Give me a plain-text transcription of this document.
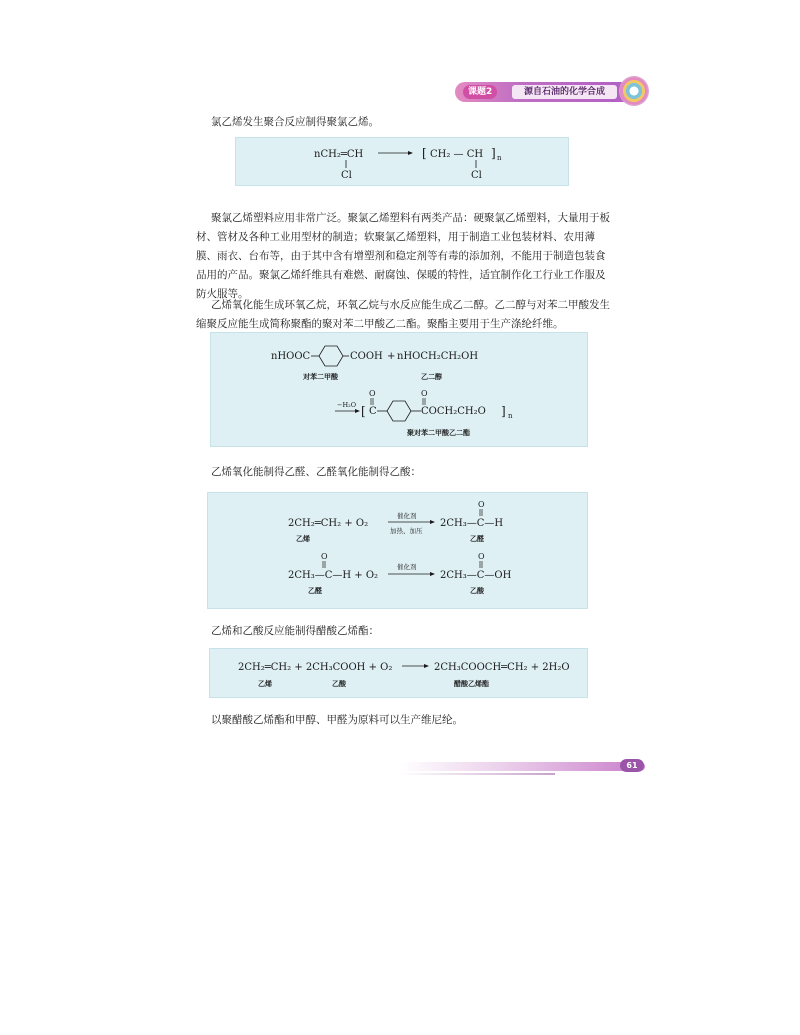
课题2	源自石油的化学合成
氯乙烯发生聚合反应制得聚氯乙烯。
nCH₂═CH
Cl
[ CH₂ — CH ] n
Cl
聚氯乙烯塑料应用非常广泛。聚氯乙烯塑料有两类产品：硬聚氯乙烯塑料，大量用于板材、管材及各种工业用型材的制造；软聚氯乙烯塑料，用于制造工业包装材料、农用薄膜、雨衣、台布等，由于其中含有增塑剂和稳定剂等有毒的添加剂，不能用于制造包装食品用的产品。聚氯乙烯纤维具有难燃、耐腐蚀、保暖的特性，适宜制作化工行业工作服及防火服等。
乙烯氧化能生成环氧乙烷，环氧乙烷与水反应能生成乙二醇。乙二醇与对苯二甲酸发生缩聚反应能生成简称聚酯的聚对苯二甲酸乙二酯。聚酯主要用于生产涤纶纤维。
nHOOC	COOH + nHOCH₂CH₂OH
对苯二甲酸	乙二醇
−H₂O [ C
O	O
COCH₂CH₂O ] n
聚对苯二甲酸乙二酯
乙烯氧化能制得乙醛、乙醛氧化能制得乙酸：
2CH₂═CH₂ + O₂
乙烯
催化剂
加热、加压
O
2CH₃—C—H
乙醛
O
2CH₃—C—H + O₂
乙醛
催化剂
O
2CH₃—C—OH
乙酸
乙烯和乙酸反应能制得醋酸乙烯酯：
2CH₂═CH₂ + 2CH₃COOH + O₂	2CH₃COOCH═CH₂ + 2H₂O
乙烯	乙酸	醋酸乙烯酯
以聚醋酸乙烯酯和甲醇、甲醛为原料可以生产维尼纶。
61
